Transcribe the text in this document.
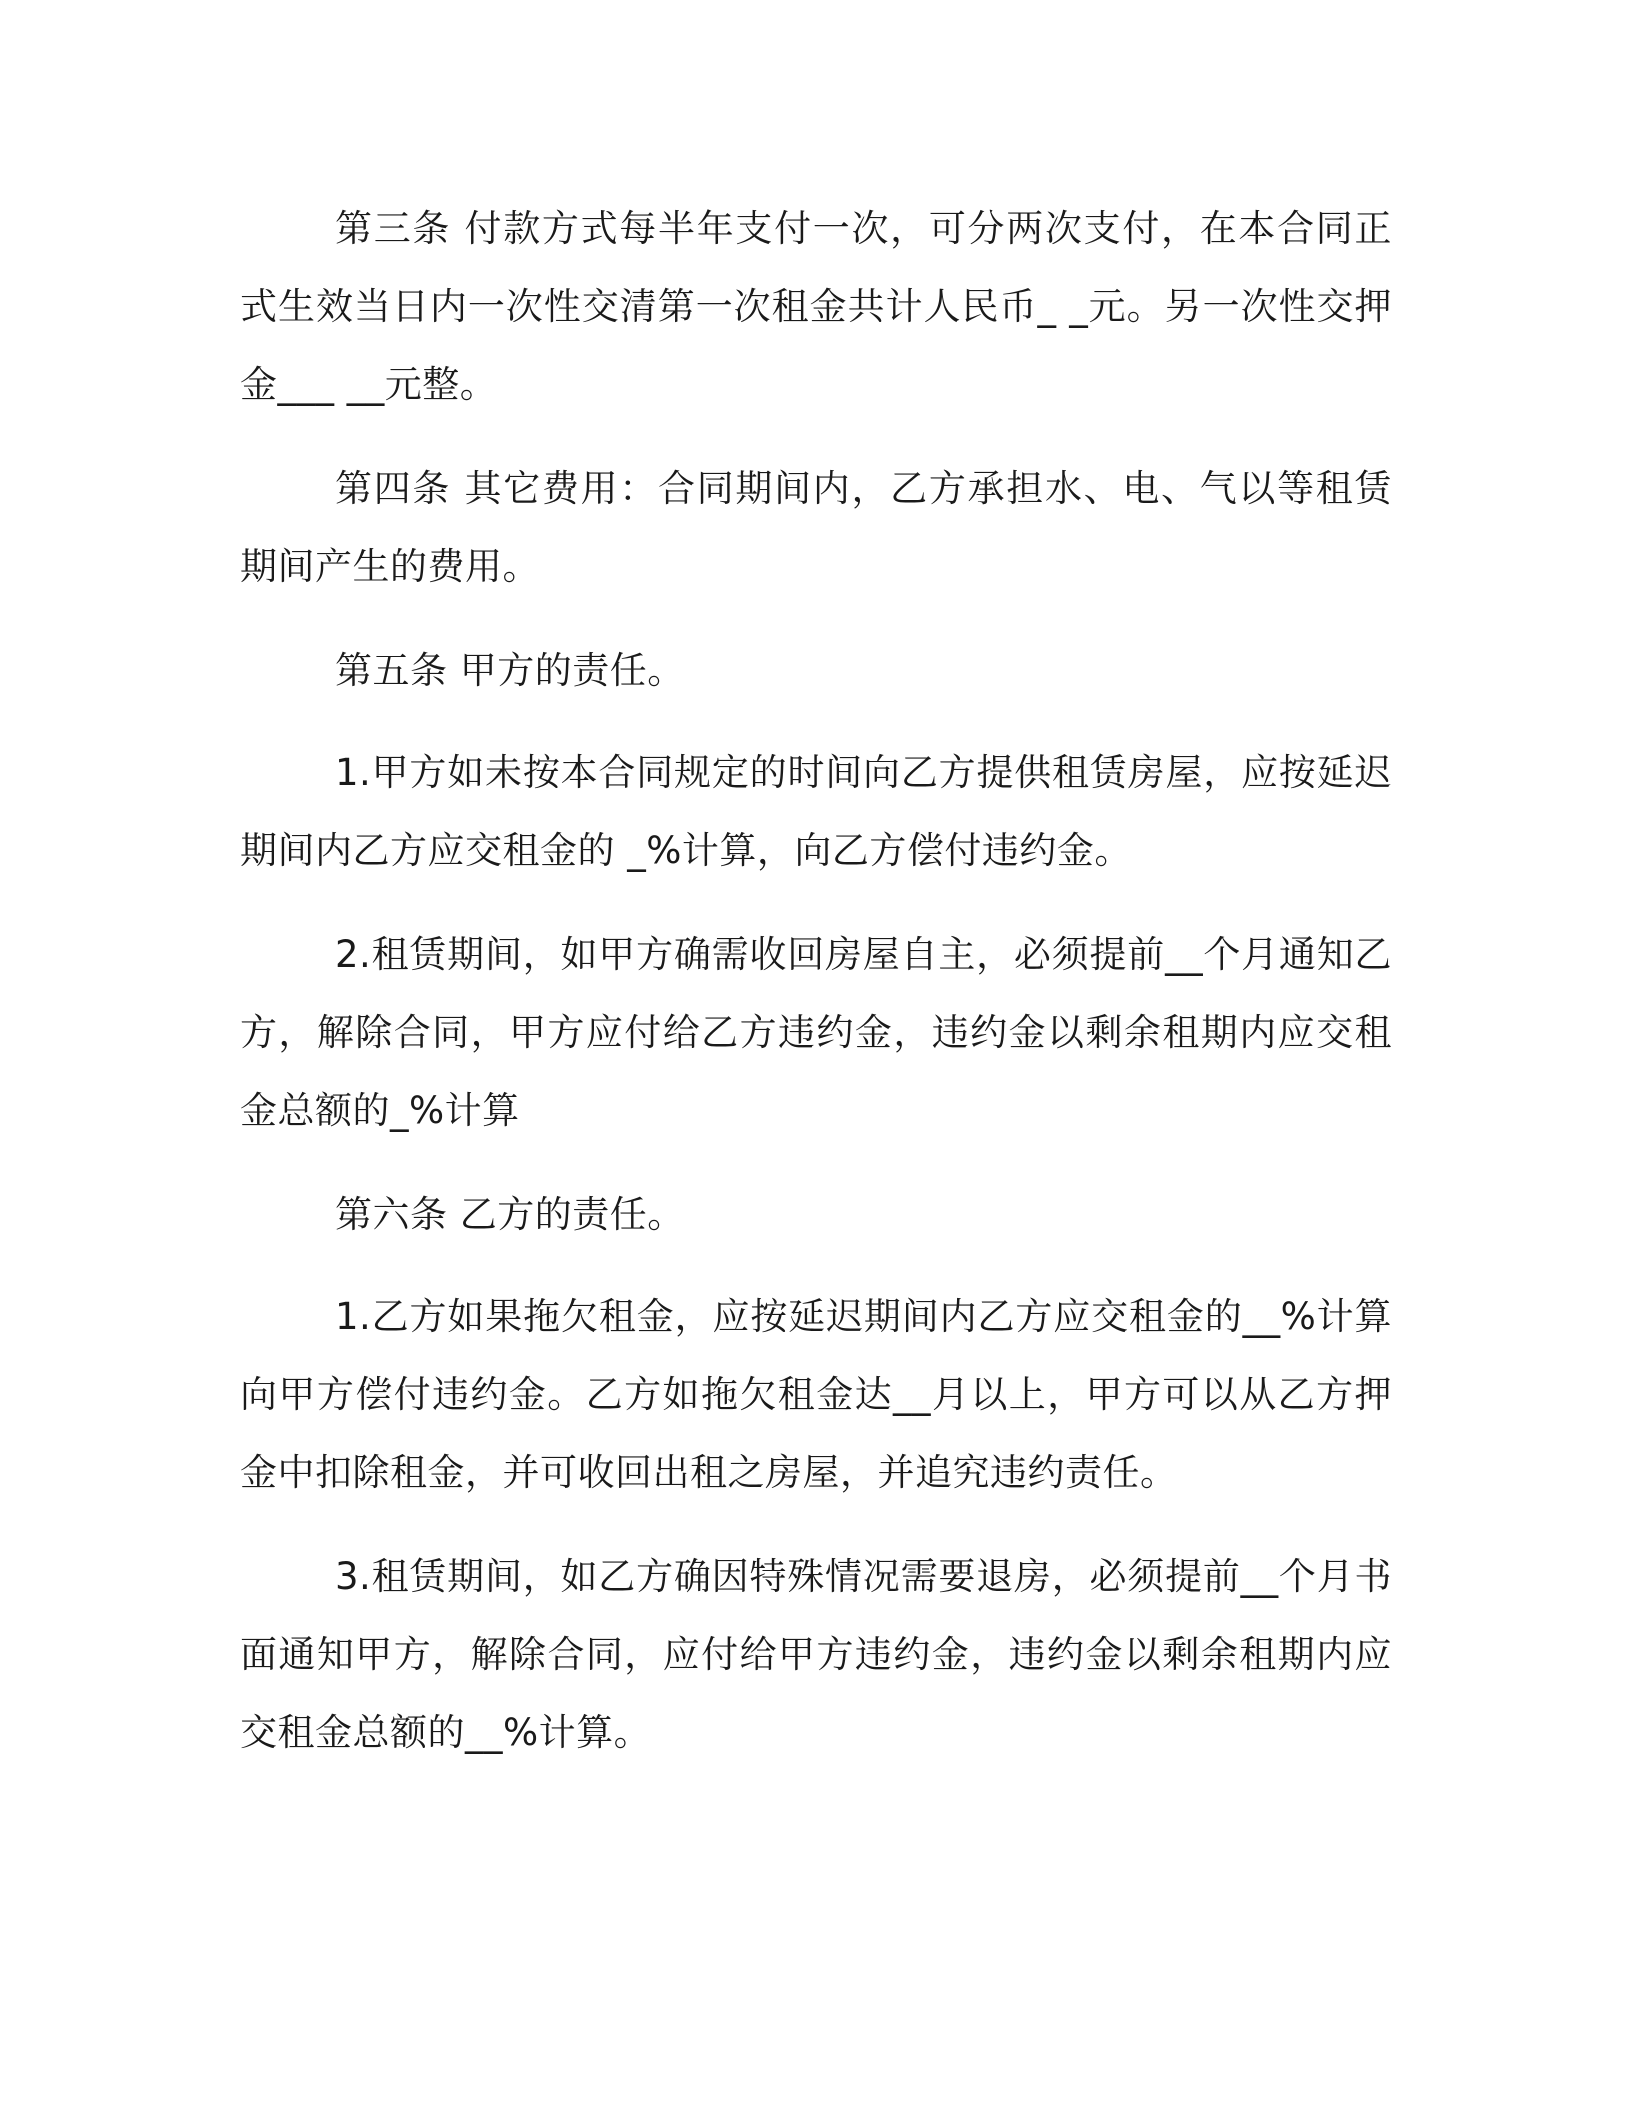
第三条 付款方式每半年支付一次，可分两次支付，在本合同正式生效当日内一次性交清第一次租金共计人民币_ _元。另一次性交押金___ __元整。

第四条 其它费用：合同期间内，乙方承担水、电、气以等租赁期间产生的费用。

第五条 甲方的责任。

1.甲方如未按本合同规定的时间向乙方提供租赁房屋，应按延迟期间内乙方应交租金的 _%计算，向乙方偿付违约金。

2.租赁期间，如甲方确需收回房屋自主，必须提前__个月通知乙方，解除合同，甲方应付给乙方违约金，违约金以剩余租期内应交租金总额的_%计算

第六条 乙方的责任。

1.乙方如果拖欠租金，应按延迟期间内乙方应交租金的__%计算向甲方偿付违约金。乙方如拖欠租金达__月以上，甲方可以从乙方押金中扣除租金，并可收回出租之房屋，并追究违约责任。

3.租赁期间，如乙方确因特殊情况需要退房，必须提前__个月书面通知甲方，解除合同，应付给甲方违约金，违约金以剩余租期内应交租金总额的__%计算。
